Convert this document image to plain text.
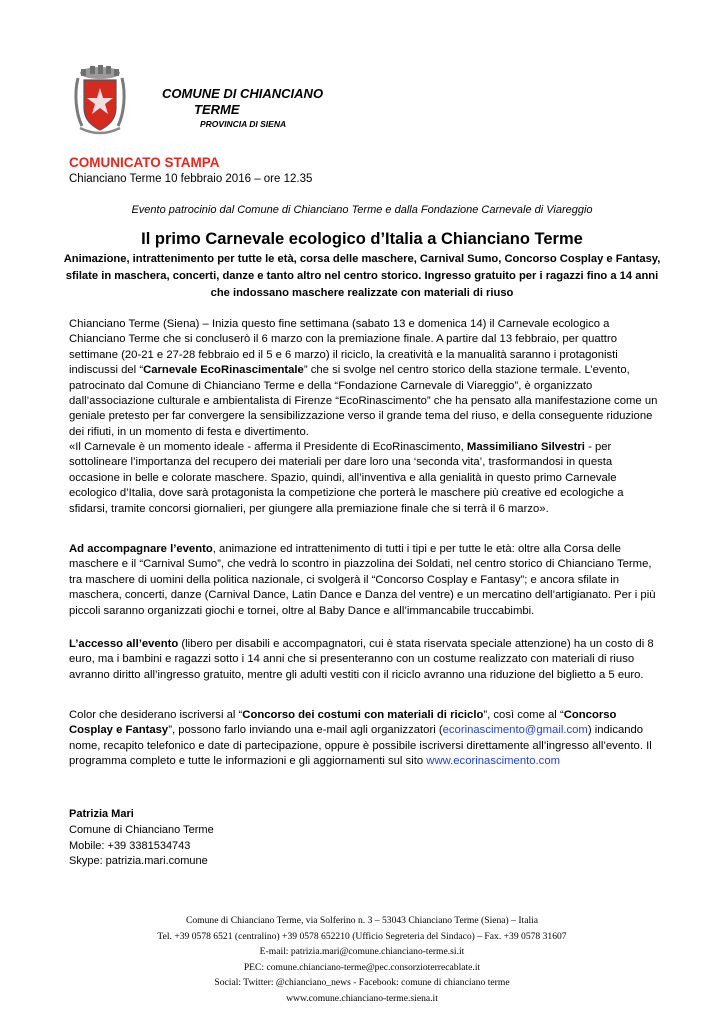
COMUNE DI CHIANCIANO
TERME
PROVINCIA DI SIENA
COMUNICATO STAMPA
Chianciano Terme 10 febbraio 2016 – ore 12.35
Evento patrocinio dal Comune di Chianciano Terme e dalla Fondazione Carnevale di Viareggio
Il primo Carnevale ecologico d’Italia a Chianciano Terme
Animazione, intrattenimento per tutte le età, corsa delle maschere, Carnival Sumo, Concorso Cosplay e Fantasy, sfilate in maschera, concerti, danze e tanto altro nel centro storico. Ingresso gratuito per i ragazzi fino a 14 anni che indossano maschere realizzate con materiali di riuso
Chianciano Terme (Siena) – Inizia questo fine settimana (sabato 13 e domenica 14) il Carnevale ecologico a Chianciano Terme che si concluserò il 6 marzo con la premiazione finale. A partire dal 13 febbraio, per quattro settimane (20-21 e 27-28 febbraio ed il 5 e 6 marzo) il riciclo, la creatività e la manualità saranno i protagonisti indiscussi del “Carnevale EcoRinascimentale” che si svolge nel centro storico della stazione termale. L’evento, patrocinato dal Comune di Chianciano Terme e della “Fondazione Carnevale di Viareggio”, è organizzato dall’associazione culturale e ambientalista di Firenze “EcoRinascimento” che ha pensato alla manifestazione come un geniale pretesto per far convergere la sensibilizzazione verso il grande tema del riuso, e della conseguente riduzione dei rifiuti, in un momento di festa e divertimento.
«Il Carnevale è un momento ideale - afferma il Presidente di EcoRinascimento, Massimiliano Silvestri - per sottolineare l’importanza del recupero dei materiali per dare loro una ‘seconda vita’, trasformandosi in questa occasione in belle e colorate maschere. Spazio, quindi, all’inventiva e alla genialità in questo primo Carnevale ecologico d’Italia, dove sarà protagonista la competizione che porterà le maschere più creative ed ecologiche a sfidarsi, tramite concorsi giornalieri, per giungere alla premiazione finale che si terrà il 6 marzo».
Ad accompagnare l’evento, animazione ed intrattenimento di tutti i tipi e per tutte le età: oltre alla Corsa delle maschere e il “Carnival Sumo”, che vedrà lo scontro in piazzolina dei Soldati, nel centro storico di Chianciano Terme, tra maschere di uomini della politica nazionale, ci svolgerà il “Concorso Cosplay e Fantasy”; e ancora sfilate in maschera, concerti, danze (Carnival Dance, Latin Dance e Danza del ventre) e un mercatino dell’artigianato. Per i più piccoli saranno organizzati giochi e tornei, oltre al Baby Dance e all’immancabile truccabimbi.
L’accesso all’evento (libero per disabili e accompagnatori, cui è stata riservata speciale attenzione) ha un costo di 8 euro, ma i bambini e ragazzi sotto i 14 anni che si presenteranno con un costume realizzato con materiali di riuso avranno diritto all’ingresso gratuito, mentre gli adulti vestiti con il riciclo avranno una riduzione del biglietto a 5 euro.
Color che desiderano iscriversi al “Concorso dei costumi con materiali di riciclo”, così come al “Concorso Cosplay e Fantasy”, possono farlo inviando una e-mail agli organizzatori (ecorinascimento@gmail.com) indicando nome, recapito telefonico e date di partecipazione, oppure è possibile iscriversi direttamente all’ingresso all’evento. Il programma completo e tutte le informazioni e gli aggiornamenti sul sito www.ecorinascimento.com
Patrizia Mari
Comune di Chianciano Terme
Mobile: +39 3381534743
Skype: patrizia.mari.comune
Comune di Chianciano Terme, via Solferino n. 3 – 53043 Chianciano Terme (Siena) – Italia
Tel. +39 0578 6521 (centralino) +39 0578 652210 (Ufficio Segreteria del Sindaco) – Fax. +39 0578 31607
E-mail: patrizia.mari@comune.chianciano-terme.si.it
PEC: comune.chianciano-terme@pec.consorzioterrecablate.it
Social: Twitter: @chianciano_news - Facebook: comune di chianciano terme
www.comune.chianciano-terme.siena.it
